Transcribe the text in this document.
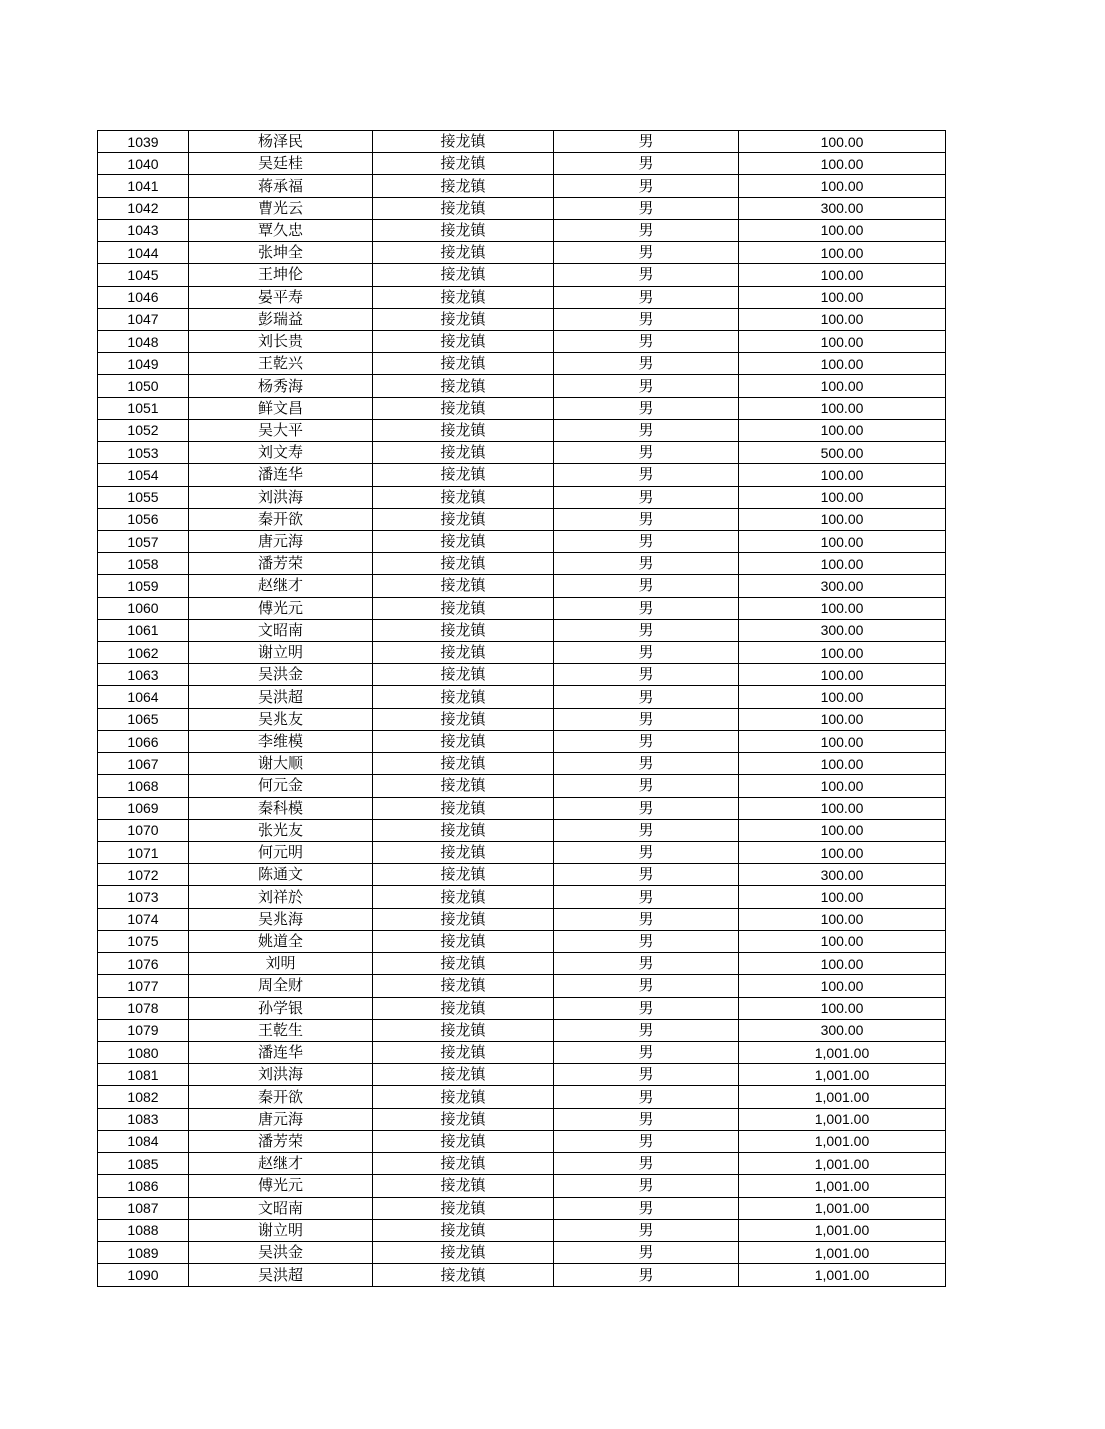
1039	杨泽民	接龙镇	男	100.00
1040	吴廷桂	接龙镇	男	100.00
1041	蒋承福	接龙镇	男	100.00
1042	曹光云	接龙镇	男	300.00
1043	覃久忠	接龙镇	男	100.00
1044	张坤全	接龙镇	男	100.00
1045	王坤伦	接龙镇	男	100.00
1046	晏平寿	接龙镇	男	100.00
1047	彭瑞益	接龙镇	男	100.00
1048	刘长贵	接龙镇	男	100.00
1049	王乾兴	接龙镇	男	100.00
1050	杨秀海	接龙镇	男	100.00
1051	鲜文昌	接龙镇	男	100.00
1052	吴大平	接龙镇	男	100.00
1053	刘文寿	接龙镇	男	500.00
1054	潘连华	接龙镇	男	100.00
1055	刘洪海	接龙镇	男	100.00
1056	秦开欲	接龙镇	男	100.00
1057	唐元海	接龙镇	男	100.00
1058	潘芳荣	接龙镇	男	100.00
1059	赵继才	接龙镇	男	300.00
1060	傅光元	接龙镇	男	100.00
1061	文昭南	接龙镇	男	300.00
1062	谢立明	接龙镇	男	100.00
1063	吴洪金	接龙镇	男	100.00
1064	吴洪超	接龙镇	男	100.00
1065	吴兆友	接龙镇	男	100.00
1066	李维模	接龙镇	男	100.00
1067	谢大顺	接龙镇	男	100.00
1068	何元金	接龙镇	男	100.00
1069	秦科模	接龙镇	男	100.00
1070	张光友	接龙镇	男	100.00
1071	何元明	接龙镇	男	100.00
1072	陈通文	接龙镇	男	300.00
1073	刘祥於	接龙镇	男	100.00
1074	吴兆海	接龙镇	男	100.00
1075	姚道全	接龙镇	男	100.00
1076	刘明	接龙镇	男	100.00
1077	周全财	接龙镇	男	100.00
1078	孙学银	接龙镇	男	100.00
1079	王乾生	接龙镇	男	300.00
1080	潘连华	接龙镇	男	1,001.00
1081	刘洪海	接龙镇	男	1,001.00
1082	秦开欲	接龙镇	男	1,001.00
1083	唐元海	接龙镇	男	1,001.00
1084	潘芳荣	接龙镇	男	1,001.00
1085	赵继才	接龙镇	男	1,001.00
1086	傅光元	接龙镇	男	1,001.00
1087	文昭南	接龙镇	男	1,001.00
1088	谢立明	接龙镇	男	1,001.00
1089	吴洪金	接龙镇	男	1,001.00
1090	吴洪超	接龙镇	男	1,001.00
